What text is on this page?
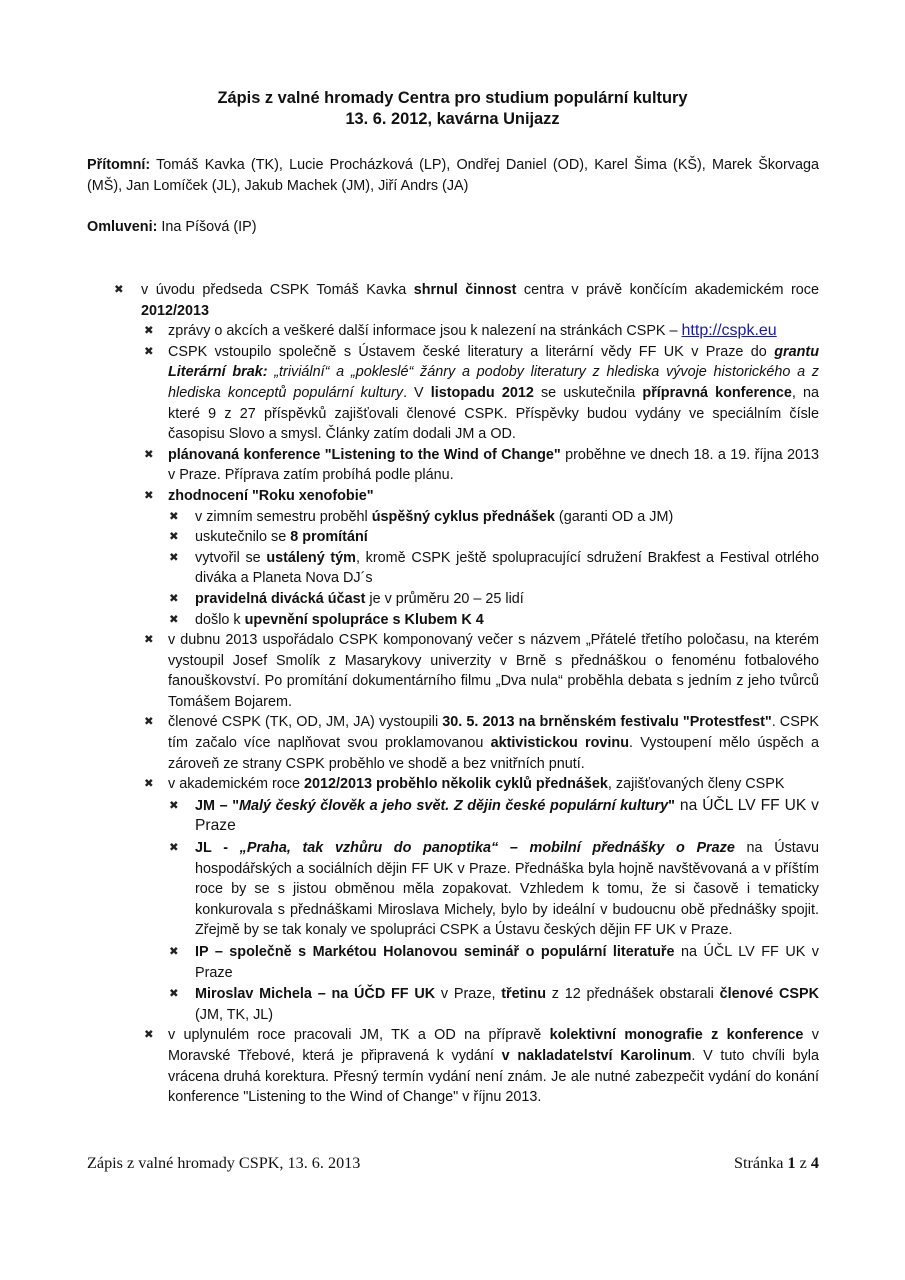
Zápis z valné hromady Centra pro studium populární kultury
13. 6. 2012, kavárna Unijazz
Přítomní: Tomáš Kavka (TK), Lucie Procházková (LP), Ondřej Daniel (OD), Karel Šima (KŠ), Marek Škorvaga (MŠ), Jan Lomíček (JL), Jakub Machek (JM), Jiří Andrs (JA)
Omluveni: Ina Píšová (IP)
✖ v úvodu předseda CSPK Tomáš Kavka shrnul činnost centra v právě končícím akademickém roce 2012/2013
✖ zprávy o akcích a veškeré další informace jsou k nalezení na stránkách CSPK – http://cspk.eu
✖ CSPK vstoupilo společně s Ústavem české literatury a literární vědy FF UK v Praze do grantu Literární brak: „triviální“ a „pokleslé“ žánry a podoby literatury z hlediska vývoje historického a z hlediska konceptů populární kultury. V listopadu 2012 se uskutečnila přípravná konference, na které 9 z 27 příspěvků zajišťovali členové CSPK. Příspěvky budou vydány ve speciálním čísle časopisu Slovo a smysl. Články zatím dodali JM a OD.
✖ plánovaná konference "Listening to the Wind of Change" proběhne ve dnech 18. a 19. října 2013 v Praze. Příprava zatím probíhá podle plánu.
✖ zhodnocení "Roku xenofobie"
✖ v zimním semestru proběhl úspěšný cyklus přednášek (garanti OD a JM)
✖ uskutečnilo se 8 promítání
✖ vytvořil se ustálený tým, kromě CSPK ještě spolupracující sdružení Brakfest a Festival otrlého diváka a Planeta Nova DJ´s
✖ pravidelná divácká účast je v průměru 20 – 25 lidí
✖ došlo k upevnění spolupráce s Klubem K 4
✖ v dubnu 2013 uspořádalo CSPK komponovaný večer s názvem „Přátelé třetího poločasu, na kterém vystoupil Josef Smolík z Masarykovy univerzity v Brně s přednáškou o fenoménu fotbalového fanouškovství. Po promítání dokumentárního filmu „Dva nula“ proběhla debata s jedním z jeho tvůrců Tomášem Bojarem.
✖ členové CSPK (TK, OD, JM, JA) vystoupili 30. 5. 2013 na brněnském festivalu "Protestfest". CSPK tím začalo více naplňovat svou proklamovanou aktivistickou rovinu. Vystoupení mělo úspěch a zároveň ze strany CSPK proběhlo ve shodě a bez vnitřních pnutí.
✖ v akademickém roce 2012/2013 proběhlo několik cyklů přednášek, zajišťovaných členy CSPK
✖ JM – "Malý český člověk a jeho svět. Z dějin české populární kultury" na ÚČL LV FF UK v Praze
✖ JL - „Praha, tak vzhůru do panoptika“ – mobilní přednášky o Praze na Ústavu hospodářských a sociálních dějin FF UK v Praze. Přednáška byla hojně navštěvovaná a v příštím roce by se s jistou obměnou měla zopakovat. Vzhledem k tomu, že si časově i tematicky konkurovala s přednáškami Miroslava Michely, bylo by ideální v budoucnu obě přednášky spojit. Zřejmě by se tak konaly ve spolupráci CSPK a Ústavu českých dějin FF UK v Praze.
✖ IP – společně s Markétou Holanovou seminář o populární literatuře na ÚČL LV FF UK v Praze
✖ Miroslav Michela – na ÚČD FF UK v Praze, třetinu z 12 přednášek obstarali členové CSPK (JM, TK, JL)
✖ v uplynulém roce pracovali JM, TK a OD na přípravě kolektivní monografie z konference v Moravské Třebové, která je připravená k vydání v nakladatelství Karolinum. V tuto chvíli byla vrácena druhá korektura. Přesný termín vydání není znám. Je ale nutné zabezpečit vydání do konání konference "Listening to the Wind of Change" v říjnu 2013.
Zápis z valné hromady CSPK, 13. 6. 2013	Stránka 1 z 4
